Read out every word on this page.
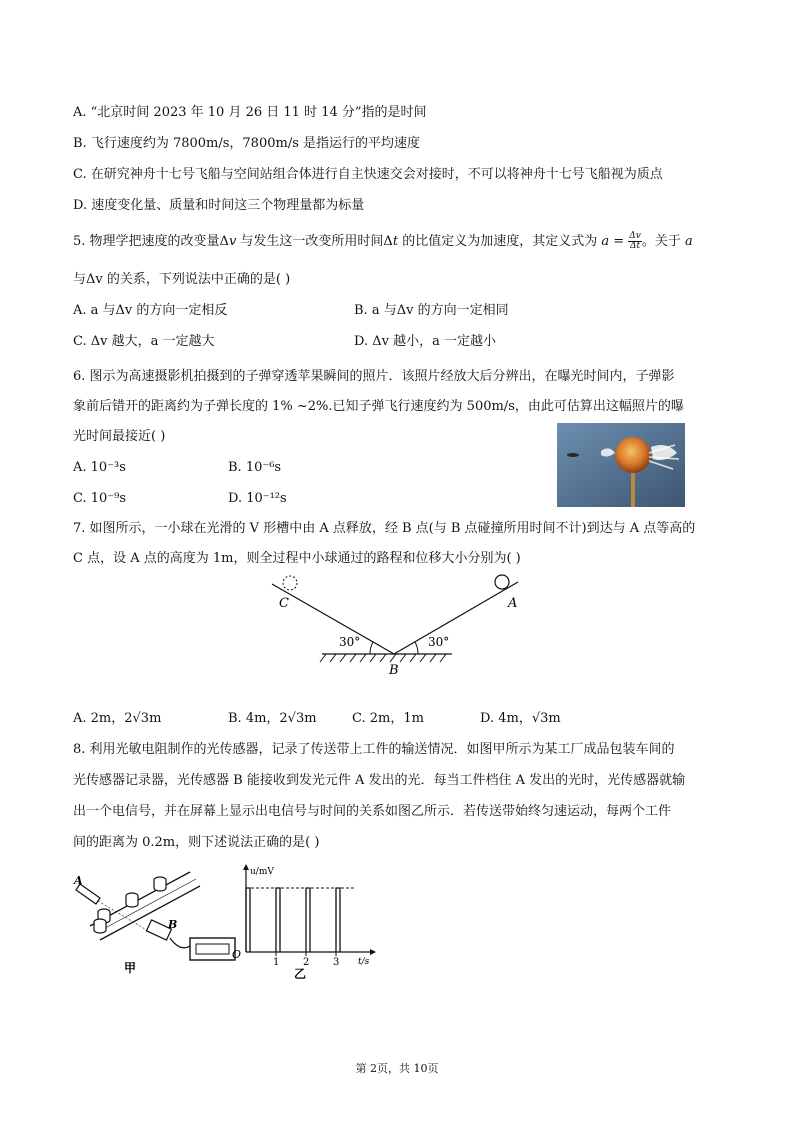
A. “北京时间 2023 年 10 月 26 日 11 时 14 分”指的是时间
B. 飞行速度约为 7800m/s，7800m/s 是指运行的平均速度
C. 在研究神舟十七号飞船与空间站组合体进行自主快速交会对接时，不可以将神舟十七号飞船视为质点
D. 速度变化量、质量和时间这三个物理量都为标量
5. 物理学把速度的改变量Δv 与发生这一改变所用时间Δt 的比值定义为加速度，其定义式为 $a = \frac{\Delta v}{\Delta t}$ 。关于 a
与Δv 的关系，下列说法中正确的是( )
A. a 与Δv 的方向一定相反	B. a 与Δv 的方向一定相同
C. Δv 越大，a 一定越大	D. Δv 越小，a 一定越小
6. 图示为高速摄影机拍摄到的子弹穿透苹果瞬间的照片．该照片经放大后分辨出，在曝光时间内，子弹影
象前后错开的距离约为子弹长度的 1% ~2%.已知子弹飞行速度约为 500m/s，由此可估算出这幅照片的曝
光时间最接近( )
A. 10⁻³s	B. 10⁻⁶s
C. 10⁻⁹s	D. 10⁻¹²s
7. 如图所示，一小球在光滑的 V 形槽中由 A 点释放，经 B 点(与 B 点碰撞所用时间不计)到达与 A 点等高的
C 点，设 A 点的高度为 1m，则全过程中小球通过的路程和位移大小分别为( )
C	A
B
30°	30°
A. 2m，2√3m	B. 4m，2√3m	C. 2m，1m	D. 4m，√3m
8. 利用光敏电阻制作的光传感器，记录了传送带上工件的输送情况．如图甲所示为某工厂成品包装车间的
光传感器记录器，光传感器 B 能接收到发光元件 A 发出的光．每当工件档住 A 发出的光时，光传感器就输
出一个电信号，并在屏幕上显示出电信号与时间的关系如图乙所示．若传送带始终匀速运动，每两个工件
间的距离为 0.2m，则下述说法正确的是( )
A
B
甲
u/mV
t/s
O
1 2 3
乙
第 2页，共 10页
